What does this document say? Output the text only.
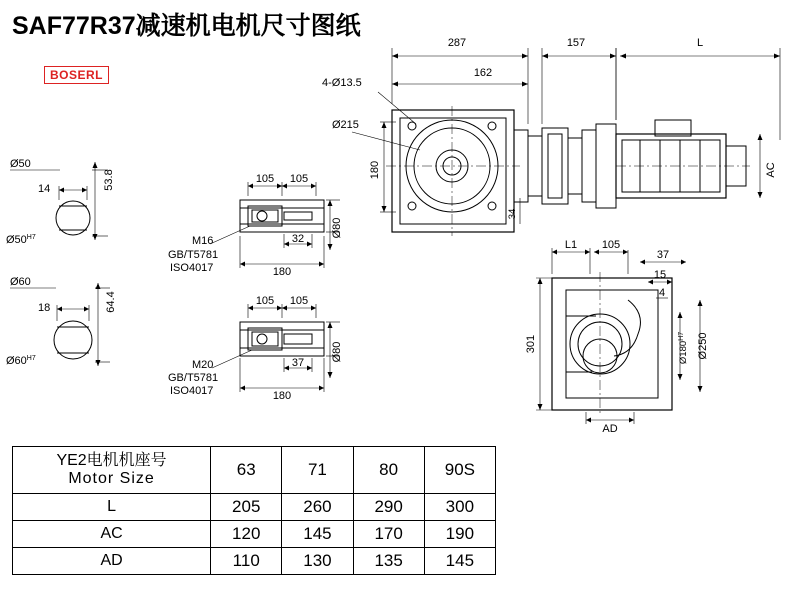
SAF77R37减速机电机尺寸图纸
BOSERL
287
162
157	L
4-Ø13.5
Ø215
180
34
AC
Ø50
14	53.8
$Ø50^{H7}$
Ø60
18	64.4
$Ø60^{H7}$
105 105
32
180
Ø80
M16
GB/T5781
ISO4017
105 105
37
180
Ø80
M20
GB/T5781
ISO4017
L1 105
37
15
4
301	$Ø180^{H7}$	Ø250
AD
YE2电机机座号
Motor Size	63	71	80	90S
L	205	260	290	300
AC	120	145	170	190
AD	110	130	135	145
